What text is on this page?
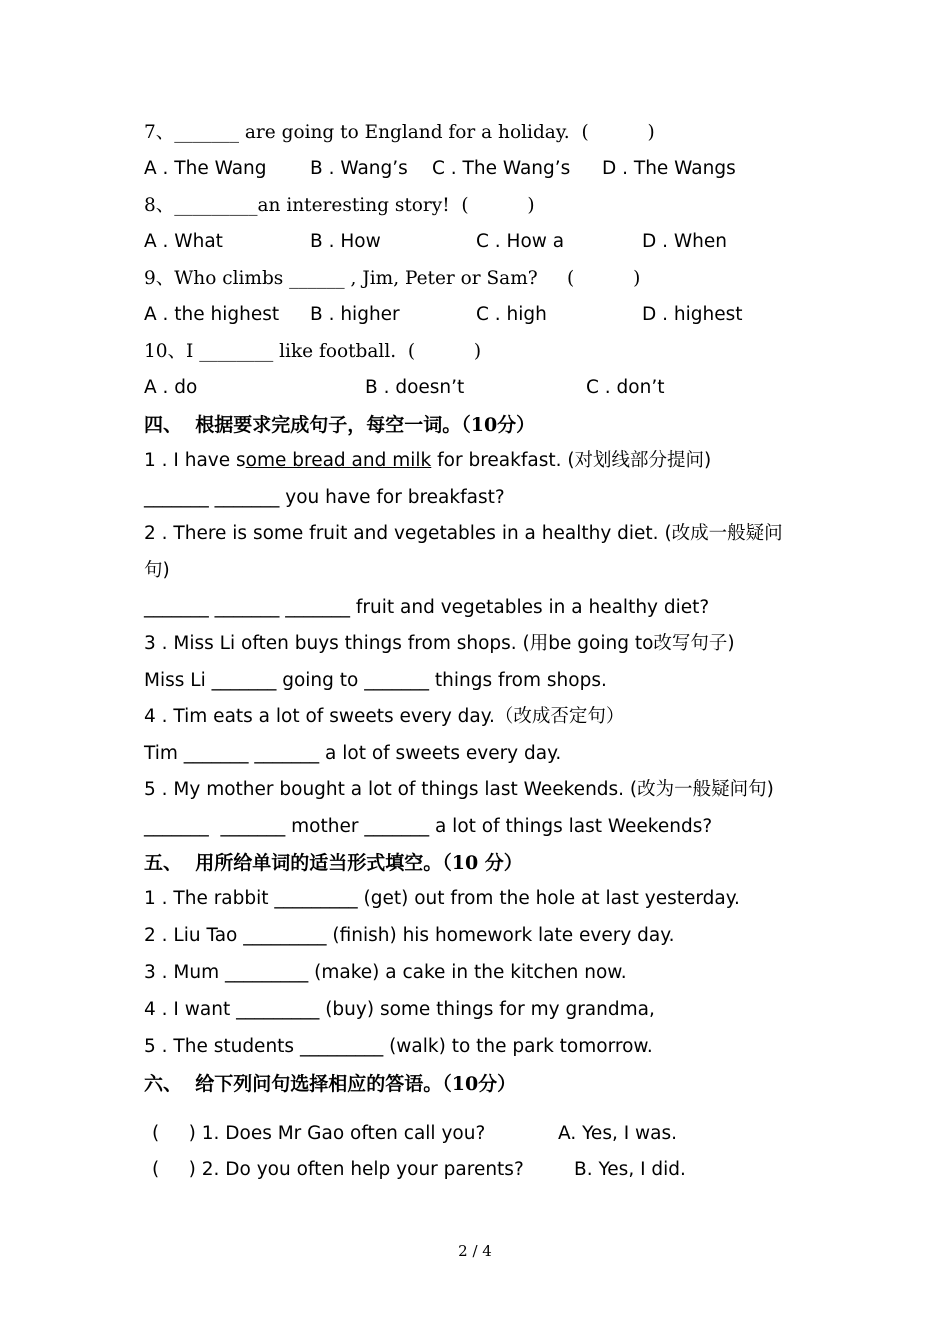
7、_______ are going to England for a holiday.  (          )
A . The Wang B . Wang’s C . The Wang’s D . The Wangs
8、_________an interesting story!  (          )
A . What	B . How	C . How a	D . When
9、Who climbs ______ , Jim, Peter or Sam?     (          )
A . the highest B . higher	C . high	D . highest
10、I ________ like football.  (          )
A . do	B . doesn’t	C . don’t
四、  根据要求完成句子，每空一词。（10分）
1 . I have some bread and milk for breakfast. (对划线部分提问)
_______ _______ you have for breakfast?
2 . There is some fruit and vegetables in a healthy diet. (改成一般疑问
句)
_______ _______ _______ fruit and vegetables in a healthy diet?
3 . Miss Li often buys things from shops. (用be going to改写句子)
Miss Li _______ going to _______ things from shops.
4 . Tim eats a lot of sweets every day.（改成否定句）
Tim _______ _______ a lot of sweets every day.
5 . My mother bought a lot of things last Weekends. (改为一般疑问句)
_______  _______ mother _______ a lot of things last Weekends?
五、  用所给单词的适当形式填空。（10 分）
1 . The rabbit _________ (get) out from the hole at last yesterday.
2 . Liu Tao _________ (finish) his homework late every day.
3 . Mum _________ (make) a cake in the kitchen now.
4 . I want _________ (buy) some things for my grandma,
5 . The students _________ (walk) to the park tomorrow.
六、  给下列问句选择相应的答语。（10分）
(     ) 1. Does Mr Gao often call you?	A. Yes, I was.
(     ) 2. Do you often help your parents?	B. Yes, I did.
2 / 4
